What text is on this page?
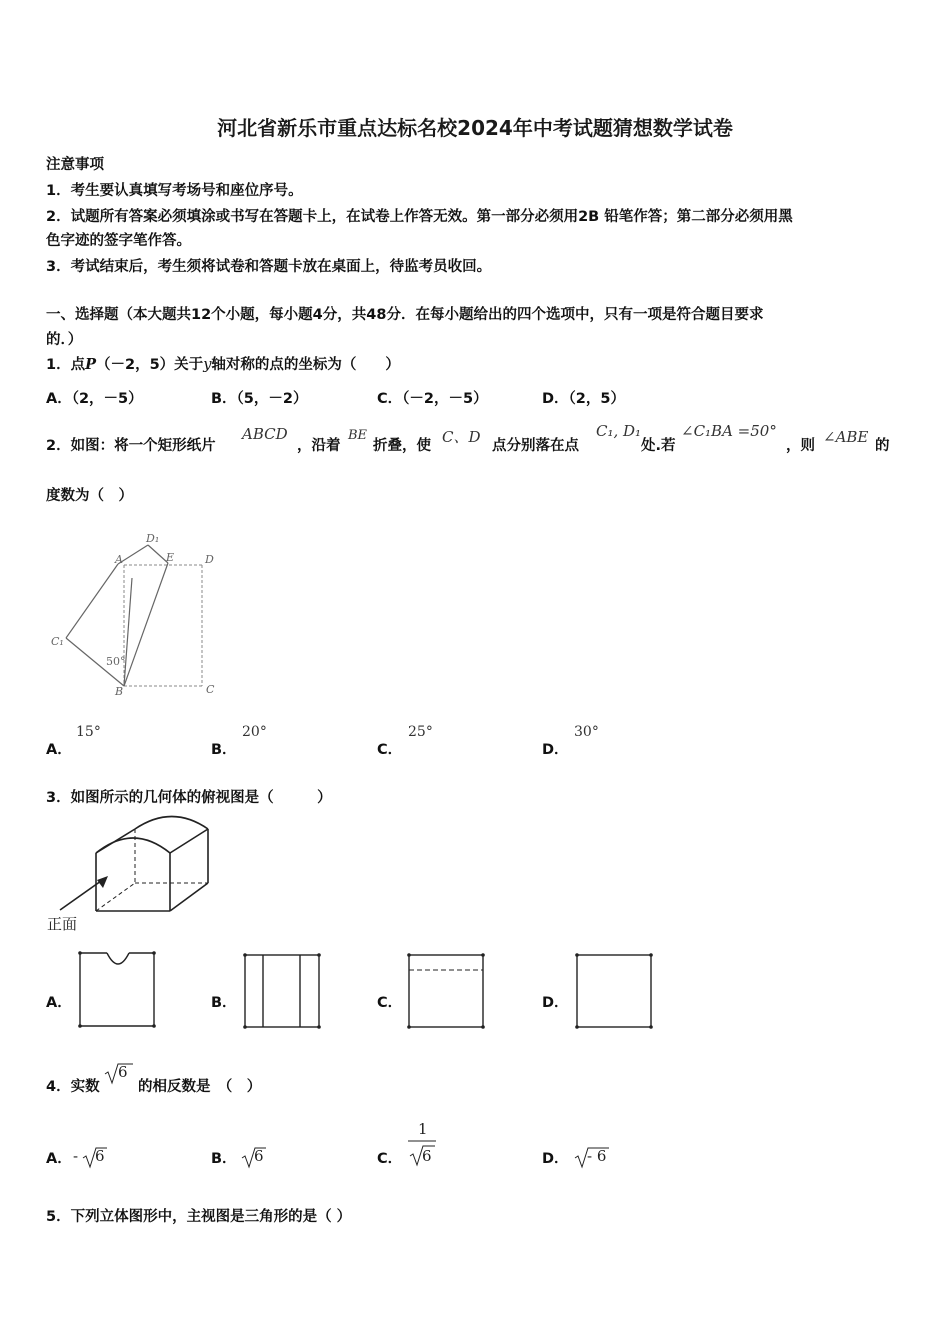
河北省新乐市重点达标名校2024年中考试题猜想数学试卷
注意事项
1．考生要认真填写考场号和座位序号。
2．试题所有答案必须填涂或书写在答题卡上，在试卷上作答无效。第一部分必须用2B 铅笔作答；第二部分必须用黑
色字迹的签字笔作答。
3．考试结束后，考生须将试卷和答题卡放在桌面上，待监考员收回。
一、选择题（本大题共12个小题，每小题4分，共48分．在每小题给出的四个选项中，只有一项是符合题目要求
的．）
1．点P（－2，5）关于y轴对称的点的坐标为（　　）
A．（2，－5）	B．（5，－2）	C．（－2，－5）	D．（2，5）
2．如图：将一个矩形纸片
ABCD
，沿着
BE
折叠，使 C、D 点分别落在点
C₁, D₁
处.若
∠C₁BA =50°
，则 ∠ABE 的
度数为（　）
A
D₁
E	D
C₁
50°
B	C
A．
15°
B．
20°
C．
25°
D．
30°
3．如图所示的几何体的俯视图是（　　　）
正面
A．	B．	C．	D．
4．实数
6
的相反数是　（　）
A． - 6	B． 6	C．
1
6	D． - 6
5．下列立体图形中，主视图是三角形的是（ ）
